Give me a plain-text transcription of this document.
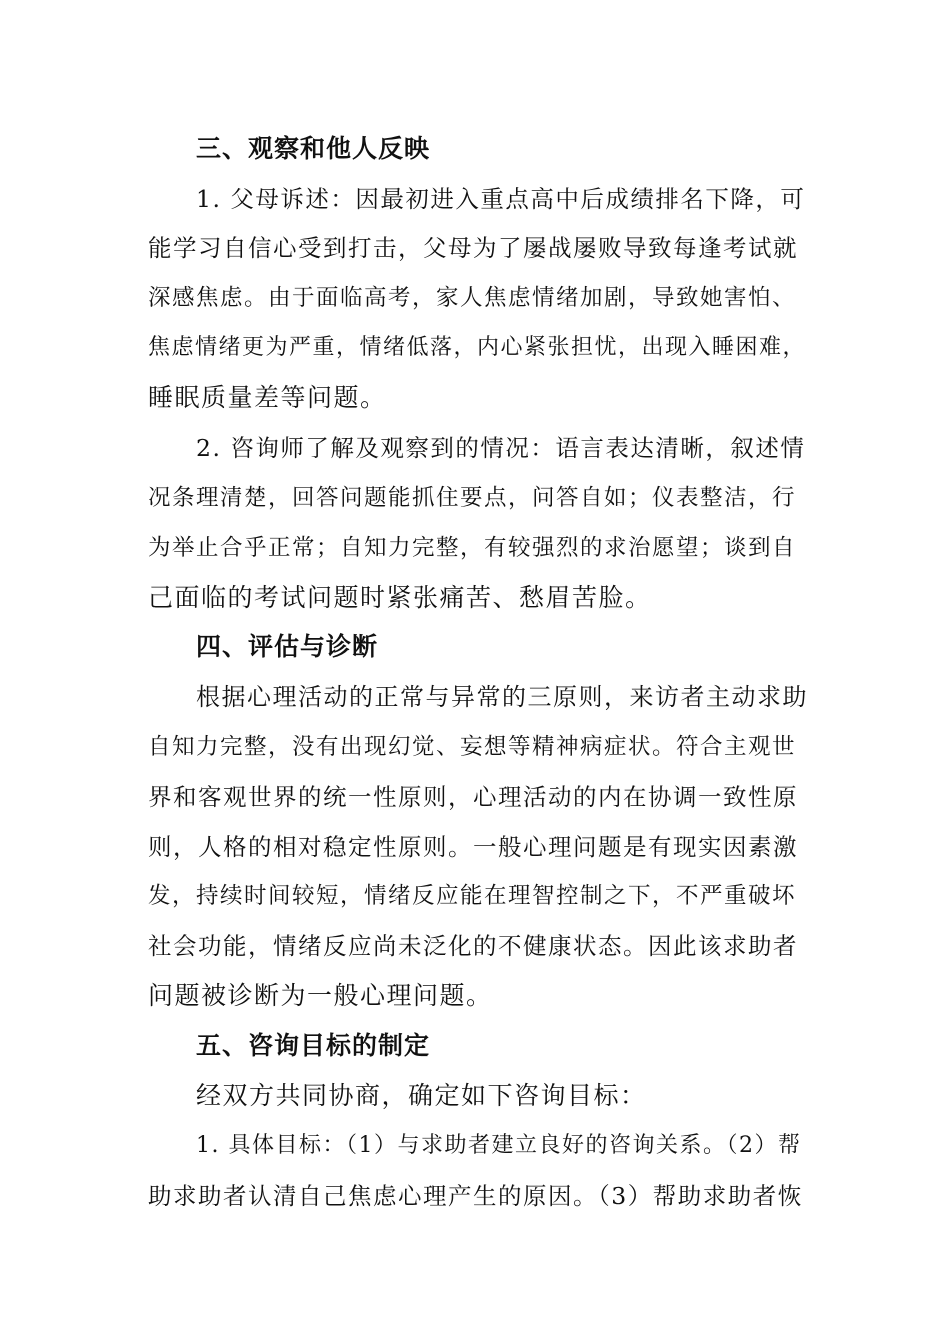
三、观察和他人反映
1. 父母诉述：因最初进入重点高中后成绩排名下降，可
能学习自信心受到打击，父母为了屡战屡败导致每逢考试就
深感焦虑。由于面临高考，家人焦虑情绪加剧，导致她害怕、
焦虑情绪更为严重，情绪低落，内心紧张担忧，出现入睡困难，
睡眠质量差等问题。
2. 咨询师了解及观察到的情况：语言表达清晰，叙述情
况条理清楚，回答问题能抓住要点，问答自如；仪表整洁，行
为举止合乎正常；自知力完整，有较强烈的求治愿望；谈到自
己面临的考试问题时紧张痛苦、愁眉苦脸。
四、评估与诊断
根据心理活动的正常与异常的三原则，来访者主动求助
自知力完整，没有出现幻觉、妄想等精神病症状。符合主观世
界和客观世界的统一性原则，心理活动的内在协调一致性原
则，人格的相对稳定性原则。一般心理问题是有现实因素激
发，持续时间较短，情绪反应能在理智控制之下，不严重破坏
社会功能，情绪反应尚未泛化的不健康状态。因此该求助者
问题被诊断为一般心理问题。
五、咨询目标的制定
经双方共同协商，确定如下咨询目标：
1. 具体目标：（1）与求助者建立良好的咨询关系。（2）帮
助求助者认清自己焦虑心理产生的原因。（3）帮助求助者恢
